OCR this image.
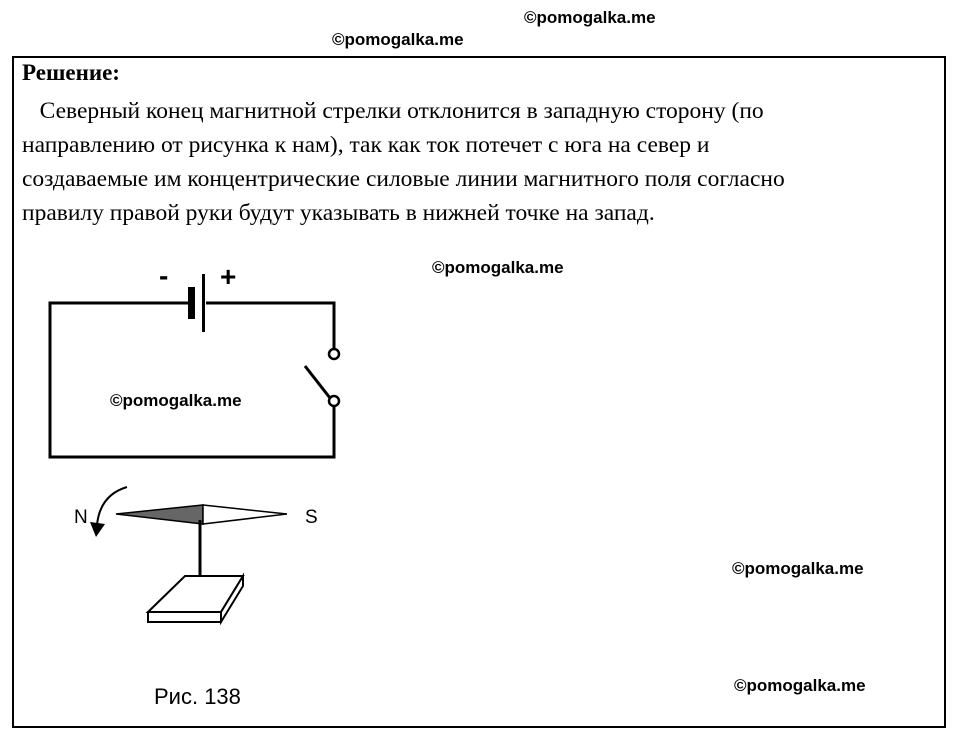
©pomogalka.me
©pomogalka.me
Решение:
Северный конец магнитной стрелки отклонится в западную сторону (по
направлению от рисунка к нам), так как ток потечет с юга на север и
создаваемые им концентрические силовые линии магнитного поля согласно
правилу правой руки будут указывать в нижней точке на запад.
©pomogalka.me
©pomogalka.me
©pomogalka.me
©pomogalka.me
- +
N	S
Рис. 138
